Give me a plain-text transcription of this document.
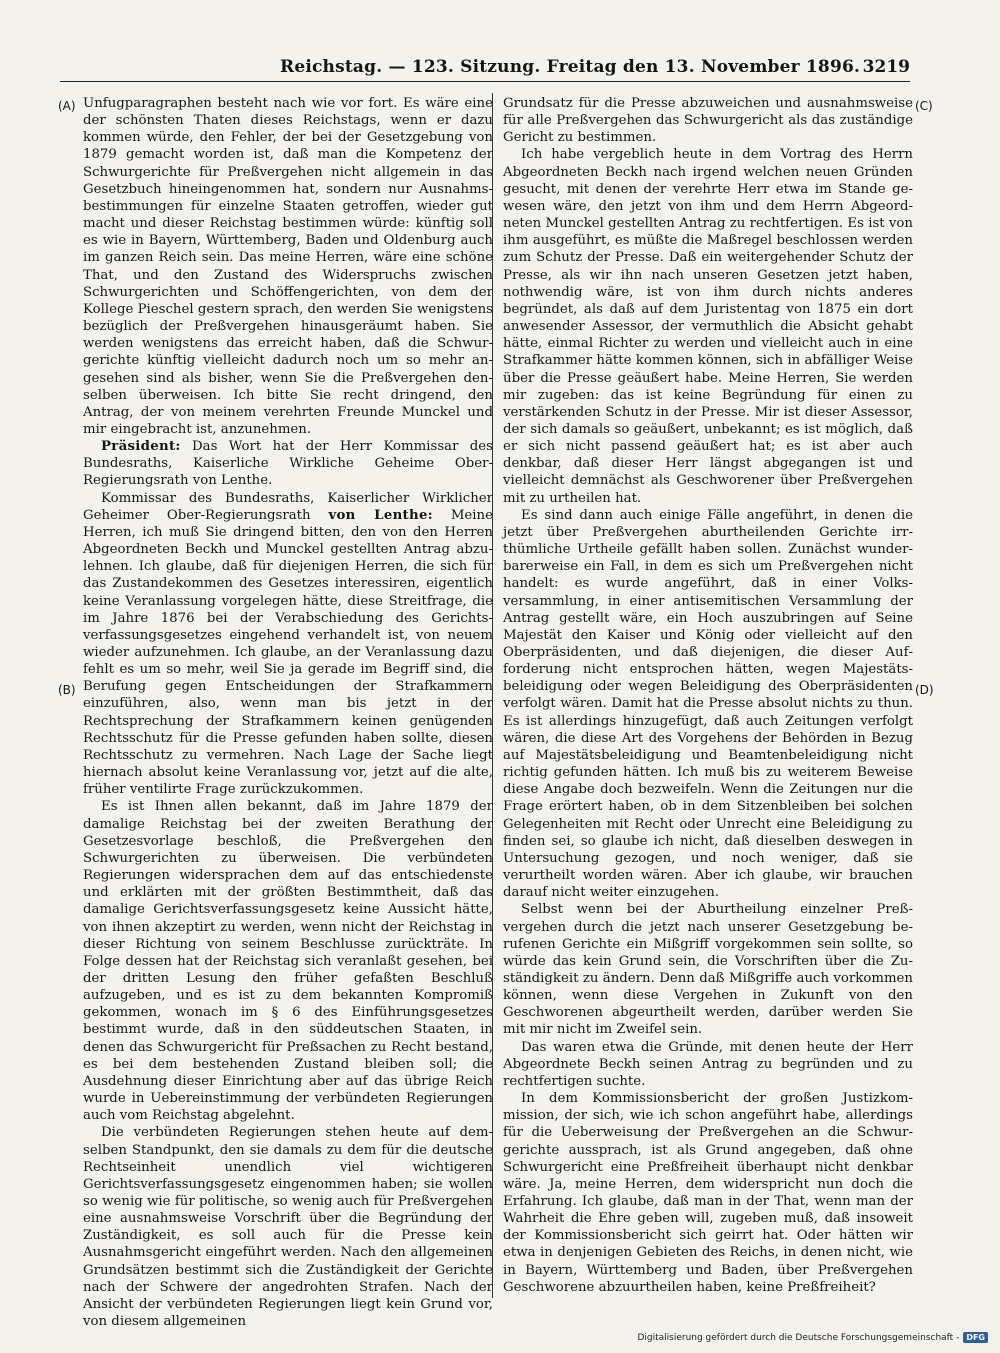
Reichstag. — 123. Sitzung. Freitag den 13. November 1896. 3219
(A)
(B)
(C)
(D)

Unfugparagraphen besteht nach wie vor fort. Es wäre eine der schönsten Thaten dieses Reichstags, wenn er dazu kommen würde, den Fehler, der bei der Gesetzgebung von 1879 gemacht worden ist, daß man die Kompetenz der Schwurgerichte für Preßvergehen nicht allgemein in das Gesetzbuch hineingenommen hat, sondern nur Ausnahmsbestimmungen für einzelne Staaten getroffen, wieder gut macht und dieser Reichstag bestimmen würde: künftig soll es wie in Bayern, Württemberg, Baden und Oldenburg auch im ganzen Reich sein. Das meine Herren, wäre eine schöne That, und den Zustand des Widerspruchs zwischen Schwurgerichten und Schöffengerichten, von dem der Kollege Pieschel gestern sprach, den werden Sie wenigstens bezüglich der Preßvergehen hinausgeräumt haben. Sie werden wenigstens das erreicht haben, daß die Schwurgerichte künftig vielleicht dadurch noch um so mehr angesehen sind als bisher, wenn Sie die Preßvergehen denselben überweisen. Ich bitte Sie recht dringend, den Antrag, der von meinem verehrten Freunde Munckel und mir eingebracht ist, anzunehmen.

Präsident: Das Wort hat der Herr Kommissar des Bundesraths, Kaiserliche Wirkliche Geheime OberRegierungsrath von Lenthe.

Kommissar des Bundesraths, Kaiserlicher Wirklicher Geheimer Ober-Regierungsrath von Lenthe: Meine Herren, ich muß Sie dringend bitten, den von den Herren Abgeordneten Beckh und Munckel gestellten Antrag abzulehnen. Ich glaube, daß für diejenigen Herren, die sich für das Zustandekommen des Gesetzes interessiren, eigentlich keine Veranlassung vorgelegen hätte, diese Streitfrage, die im Jahre 1876 bei der Verabschiedung des Gerichtsverfassungsgesetzes eingehend verhandelt ist, von neuem wieder aufzunehmen. Ich glaube, an der Veranlassung dazu fehlt es um so mehr, weil Sie ja gerade im Begriff sind, die Berufung gegen Entscheidungen der Strafkammern einzuführen, also, wenn man bis jetzt in der Rechtsprechung der Strafkammern keinen genügenden Rechtsschutz für die Presse gefunden haben sollte, diesen Rechtsschutz zu vermehren. Nach Lage der Sache liegt hiernach absolut keine Veranlassung vor, jetzt auf die alte, früher ventilirte Frage zurückzukommen.

Es ist Ihnen allen bekannt, daß im Jahre 1879 der damalige Reichstag bei der zweiten Berathung der Gesetzesvorlage beschloß, die Preßvergehen den Schwurgerichten zu überweisen. Die verbündeten Regierungen widersprachen dem auf das entschiedenste und erklärten mit der größten Bestimmtheit, daß das damalige Gerichtsverfassungsgesetz keine Aussicht hätte, von ihnen akzeptirt zu werden, wenn nicht der Reichstag in dieser Richtung von seinem Beschlusse zurückträte. In Folge dessen hat der Reichstag sich veranlaßt gesehen, bei der dritten Lesung den früher gefaßten Beschluß aufzugeben, und es ist zu dem bekannten Kompromiß gekommen, wonach im § 6 des Einführungsgesetzes bestimmt wurde, daß in den süddeutschen Staaten, in denen das Schwurgericht für Preßsachen zu Recht bestand, es bei dem bestehenden Zustand bleiben soll; die Ausdehnung dieser Einrichtung aber auf das übrige Reich wurde in Uebereinstimmung der verbündeten Regierungen auch vom Reichstag abgelehnt.

Die verbündeten Regierungen stehen heute auf demselben Standpunkt, den sie damals zu dem für die deutsche Rechtseinheit unendlich viel wichtigeren Gerichtsverfassungsgesetz eingenommen haben; sie wollen so wenig wie für politische, so wenig auch für Preßvergehen eine ausnahmsweise Vorschrift über die Begründung der Zuständigkeit, es soll auch für die Presse kein Ausnahmsgericht eingeführt werden. Nach den allgemeinen Grundsätzen bestimmt sich die Zuständigkeit der Gerichte nach der Schwere der angedrohten Strafen. Nach der Ansicht der verbündeten Regierungen liegt kein Grund vor, von diesem allgemeinen

Grundsatz für die Presse abzuweichen und ausnahmsweise für alle Preßvergehen das Schwurgericht als das zuständige Gericht zu bestimmen.

Ich habe vergeblich heute in dem Vortrag des Herrn Abgeordneten Beckh nach irgend welchen neuen Gründen gesucht, mit denen der verehrte Herr etwa im Stande gewesen wäre, den jetzt von ihm und dem Herrn Abgeordneten Munckel gestellten Antrag zu rechtfertigen. Es ist von ihm ausgeführt, es müßte die Maßregel beschlossen werden zum Schutz der Presse. Daß ein weitergehender Schutz der Presse, als wir ihn nach unseren Gesetzen jetzt haben, nothwendig wäre, ist von ihm durch nichts anderes begründet, als daß auf dem Juristentag von 1875 ein dort anwesender Assessor, der vermuthlich die Absicht gehabt hätte, einmal Richter zu werden und vielleicht auch in eine Strafkammer hätte kommen können, sich in abfälliger Weise über die Presse geäußert habe. Meine Herren, Sie werden mir zugeben: das ist keine Begründung für einen zu verstärkenden Schutz in der Presse. Mir ist dieser Assessor, der sich damals so geäußert, unbekannt; es ist möglich, daß er sich nicht passend geäußert hat; es ist aber auch denkbar, daß dieser Herr längst abgegangen ist und vielleicht demnächst als Geschworener über Preßvergehen mit zu urtheilen hat.

Es sind dann auch einige Fälle angeführt, in denen die jetzt über Preßvergehen aburtheilenden Gerichte irrthümliche Urtheile gefällt haben sollen. Zunächst wunderbarerweise ein Fall, in dem es sich um Preßvergehen nicht handelt: es wurde angeführt, daß in einer Volksversammlung, in einer antisemitischen Versammlung der Antrag gestellt wäre, ein Hoch auszubringen auf Seine Majestät den Kaiser und König oder vielleicht auf den Oberpräsidenten, und daß diejenigen, die dieser Aufforderung nicht entsprochen hätten, wegen Majestätsbeleidigung oder wegen Beleidigung des Oberpräsidenten verfolgt wären. Damit hat die Presse absolut nichts zu thun. Es ist allerdings hinzugefügt, daß auch Zeitungen verfolgt wären, die diese Art des Vorgehens der Behörden in Bezug auf Majestätsbeleidigung und Beamtenbeleidigung nicht richtig gefunden hätten. Ich muß bis zu weiterem Beweise diese Angabe doch bezweifeln. Wenn die Zeitungen nur die Frage erörtert haben, ob in dem Sitzenbleiben bei solchen Gelegenheiten mit Recht oder Unrecht eine Beleidigung zu finden sei, so glaube ich nicht, daß dieselben deswegen in Untersuchung gezogen, und noch weniger, daß sie verurtheilt worden wären. Aber ich glaube, wir brauchen darauf nicht weiter einzugehen.

Selbst wenn bei der Aburtheilung einzelner Preßvergehen durch die jetzt nach unserer Gesetzgebung berufenen Gerichte ein Mißgriff vorgekommen sein sollte, so würde das kein Grund sein, die Vorschriften über die Zuständigkeit zu ändern. Denn daß Mißgriffe auch vorkommen können, wenn diese Vergehen in Zukunft von den Geschworenen abgeurtheilt werden, darüber werden Sie mit mir nicht im Zweifel sein.

Das waren etwa die Gründe, mit denen heute der Herr Abgeordnete Beckh seinen Antrag zu begründen und zu rechtfertigen suchte.

In dem Kommissionsbericht der großen Justizkommission, der sich, wie ich schon angeführt habe, allerdings für die Ueberweisung der Preßvergehen an die Schwurgerichte aussprach, ist als Grund angegeben, daß ohne Schwurgericht eine Preßfreiheit überhaupt nicht denkbar wäre. Ja, meine Herren, dem widerspricht nun doch die Erfahrung. Ich glaube, daß man in der That, wenn man der Wahrheit die Ehre geben will, zugeben muß, daß insoweit der Kommissionsbericht sich geirrt hat. Oder hätten wir etwa in denjenigen Gebieten des Reichs, in denen nicht, wie in Bayern, Württemberg und Baden, über Preßvergehen Geschworene abzuurtheilen haben, keine Preßfreiheit?

Digitalisierung gefördert durch die Deutsche Forschungsgemeinschaft - DFG
